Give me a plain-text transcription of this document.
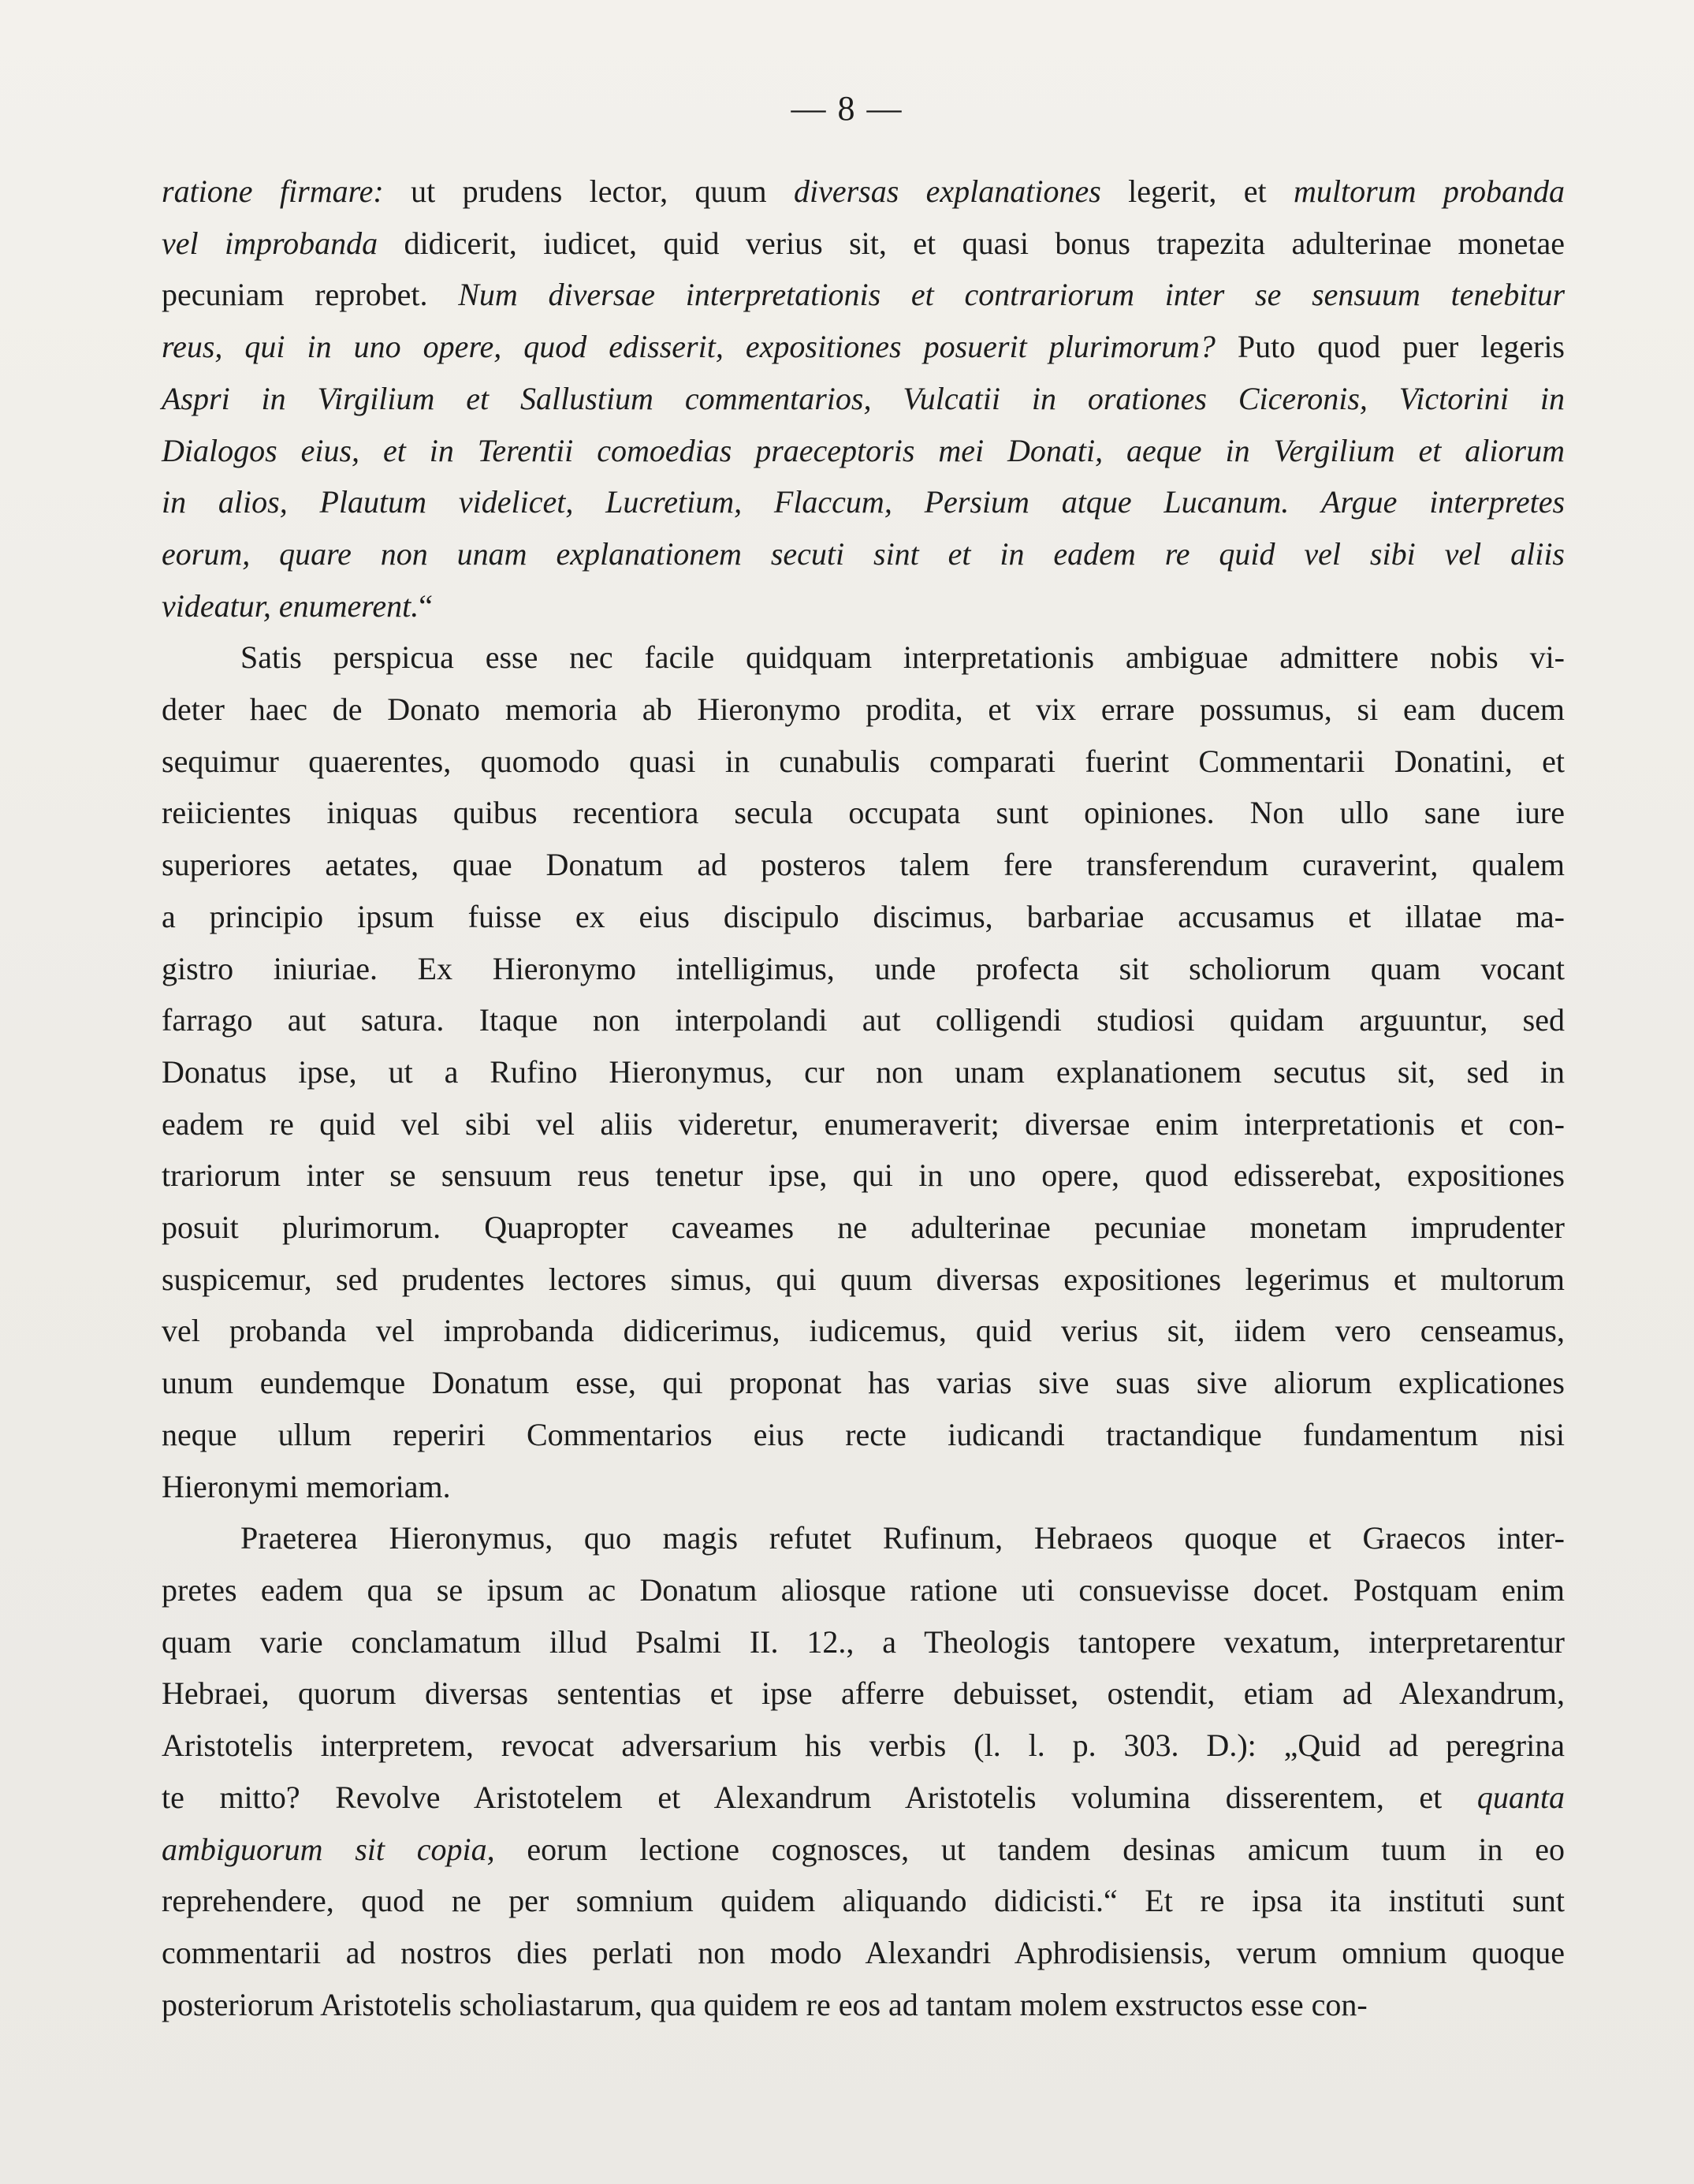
— 8 —

ratione firmare: ut prudens lector, quum diversas explanationes legerit, et multorum probanda

vel improbanda didicerit, iudicet, quid verius sit, et quasi bonus trapezita adulterinae monetae

pecuniam reprobet. Num diversae interpretationis et contrariorum inter se sensuum tenebitur

reus, qui in uno opere, quod edisserit, expositiones posuerit plurimorum? Puto quod puer legeris

Aspri in Virgilium et Sallustium commentarios, Vulcatii in orationes Ciceronis, Victorini in

Dialogos eius, et in Terentii comoedias praeceptoris mei Donati, aeque in Vergilium et aliorum

in alios, Plautum videlicet, Lucretium, Flaccum, Persium atque Lucanum. Argue interpretes

eorum, quare non unam explanationem secuti sint et in eadem re quid vel sibi vel aliis

videatur, enumerent.“

Satis perspicua esse nec facile quidquam interpretationis ambiguae admittere nobis vi-

deter haec de Donato memoria ab Hieronymo prodita, et vix errare possumus, si eam ducem

sequimur quaerentes, quomodo quasi in cunabulis comparati fuerint Commentarii Donatini, et

reiicientes iniquas quibus recentiora secula occupata sunt opiniones. Non ullo sane iure

superiores aetates, quae Donatum ad posteros talem fere transferendum curaverint, qualem

a principio ipsum fuisse ex eius discipulo discimus, barbariae accusamus et illatae ma-

gistro iniuriae. Ex Hieronymo intelligimus, unde profecta sit scholiorum quam vocant

farrago aut satura. Itaque non interpolandi aut colligendi studiosi quidam arguuntur, sed

Donatus ipse, ut a Rufino Hieronymus, cur non unam explanationem secutus sit, sed in

eadem re quid vel sibi vel aliis videretur, enumeraverit; diversae enim interpretationis et con-

trariorum inter se sensuum reus tenetur ipse, qui in uno opere, quod edisserebat, expositiones

posuit plurimorum. Quapropter caveames ne adulterinae pecuniae monetam imprudenter

suspicemur, sed prudentes lectores simus, qui quum diversas expositiones legerimus et multorum

vel probanda vel improbanda didicerimus, iudicemus, quid verius sit, iidem vero censeamus,

unum eundemque Donatum esse, qui proponat has varias sive suas sive aliorum explicationes

neque ullum reperiri Commentarios eius recte iudicandi tractandique fundamentum nisi

Hieronymi memoriam.

Praeterea Hieronymus, quo magis refutet Rufinum, Hebraeos quoque et Graecos inter-

pretes eadem qua se ipsum ac Donatum aliosque ratione uti consuevisse docet. Postquam enim

quam varie conclamatum illud Psalmi II. 12., a Theologis tantopere vexatum, interpretarentur

Hebraei, quorum diversas sententias et ipse afferre debuisset, ostendit, etiam ad Alexandrum,

Aristotelis interpretem, revocat adversarium his verbis (l. l. p. 303. D.): „Quid ad peregrina

te mitto? Revolve Aristotelem et Alexandrum Aristotelis volumina disserentem, et quanta

ambiguorum sit copia, eorum lectione cognosces, ut tandem desinas amicum tuum in eo

reprehendere, quod ne per somnium quidem aliquando didicisti.“ Et re ipsa ita instituti sunt

commentarii ad nostros dies perlati non modo Alexandri Aphrodisiensis, verum omnium quoque

posteriorum Aristotelis scholiastarum, qua quidem re eos ad tantam molem exstructos esse con-
